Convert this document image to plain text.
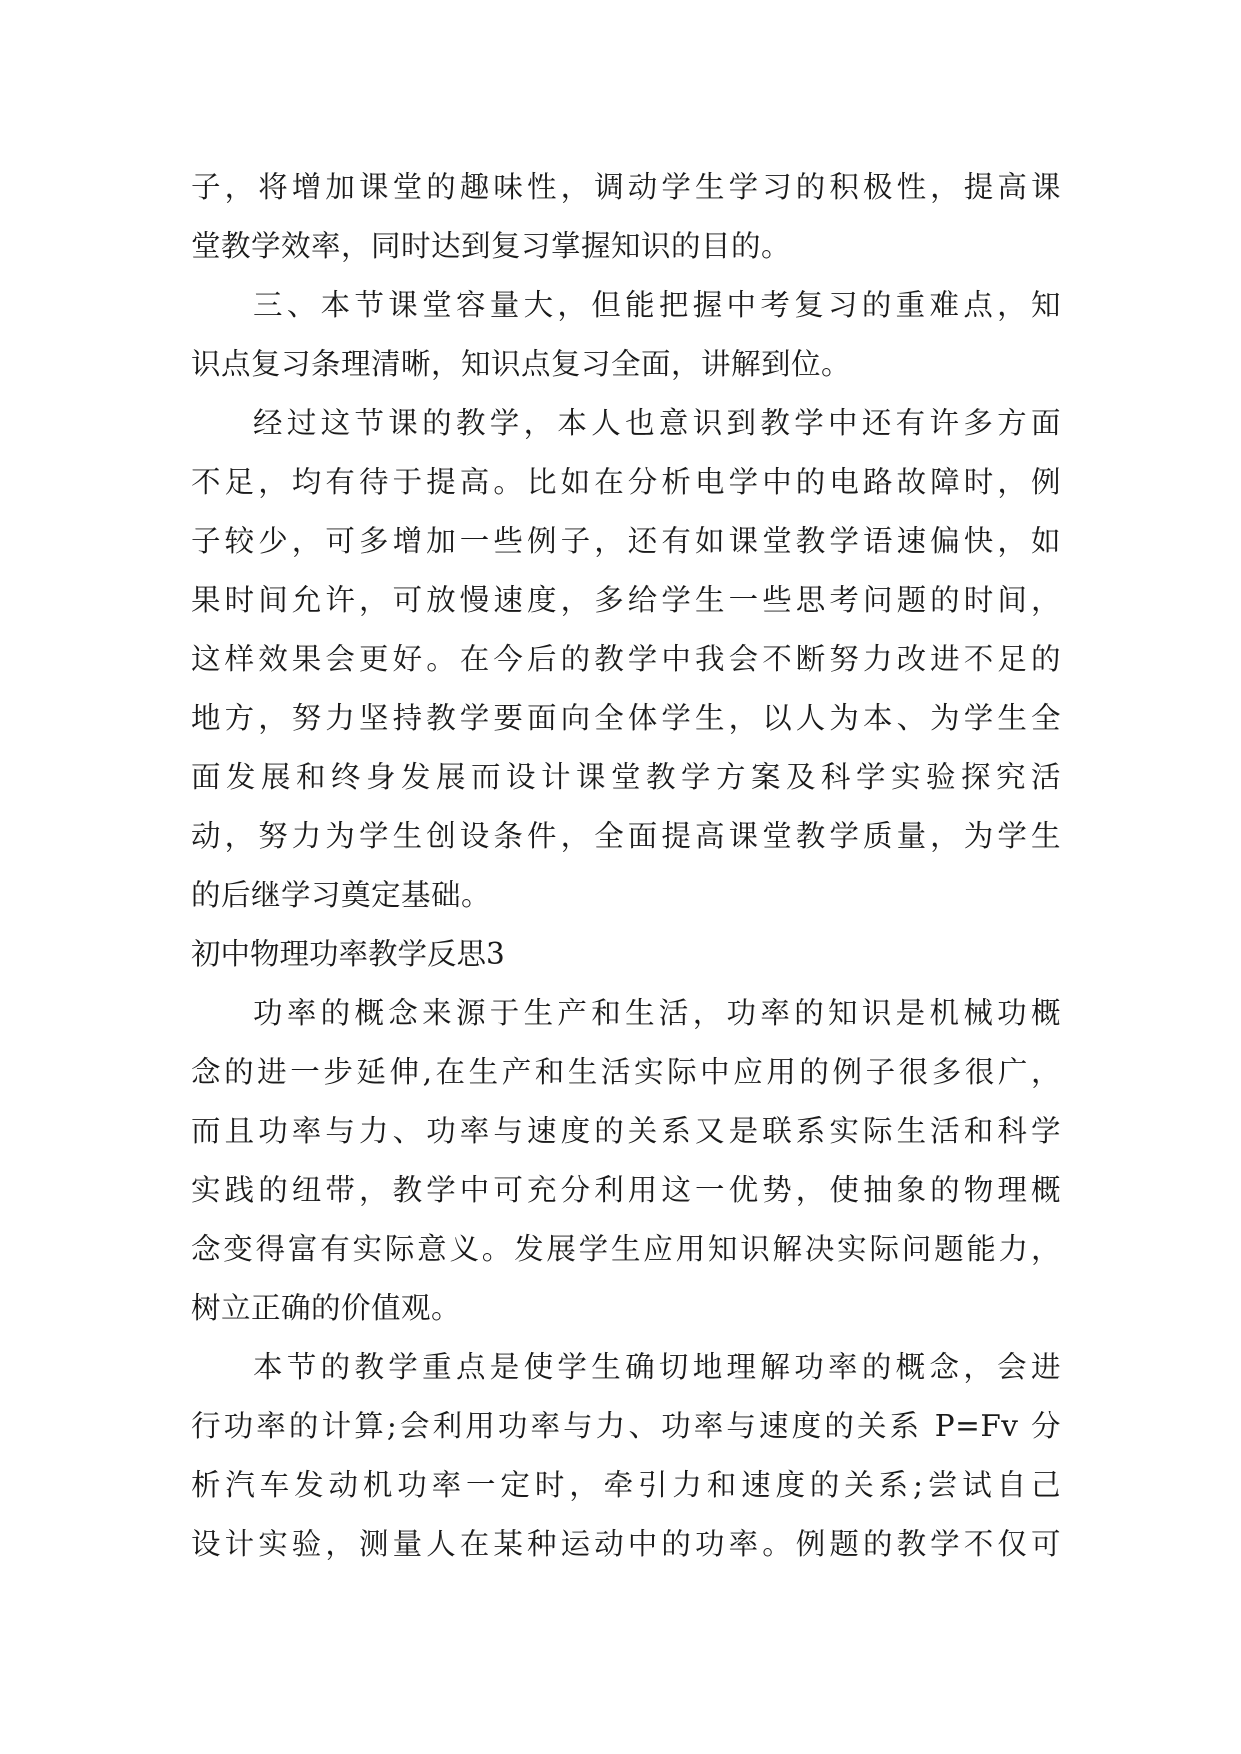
子，将增加课堂的趣味性，调动学生学习的积极性，提高课
堂教学效率，同时达到复习掌握知识的目的。
三、本节课堂容量大，但能把握中考复习的重难点，知
识点复习条理清晰，知识点复习全面，讲解到位。
经过这节课的教学，本人也意识到教学中还有许多方面
不足，均有待于提高。比如在分析电学中的电路故障时，例
子较少，可多增加一些例子，还有如课堂教学语速偏快，如
果时间允许，可放慢速度，多给学生一些思考问题的时间，
这样效果会更好。在今后的教学中我会不断努力改进不足的
地方，努力坚持教学要面向全体学生，以人为本、为学生全
面发展和终身发展而设计课堂教学方案及科学实验探究活
动，努力为学生创设条件，全面提高课堂教学质量，为学生
的后继学习奠定基础。
初中物理功率教学反思3
功率的概念来源于生产和生活，功率的知识是机械功概
念的进一步延伸,在生产和生活实际中应用的例子很多很广，
而且功率与力、功率与速度的关系又是联系实际生活和科学
实践的纽带，教学中可充分利用这一优势，使抽象的物理概
念变得富有实际意义。发展学生应用知识解决实际问题能力，
树立正确的价值观。
本节的教学重点是使学生确切地理解功率的概念，会进
行功率的计算;会利用功率与力、功率与速度的关系 P=Fv 分
析汽车发动机功率一定时，牵引力和速度的关系;尝试自己
设计实验，测量人在某种运动中的功率。例题的教学不仅可
